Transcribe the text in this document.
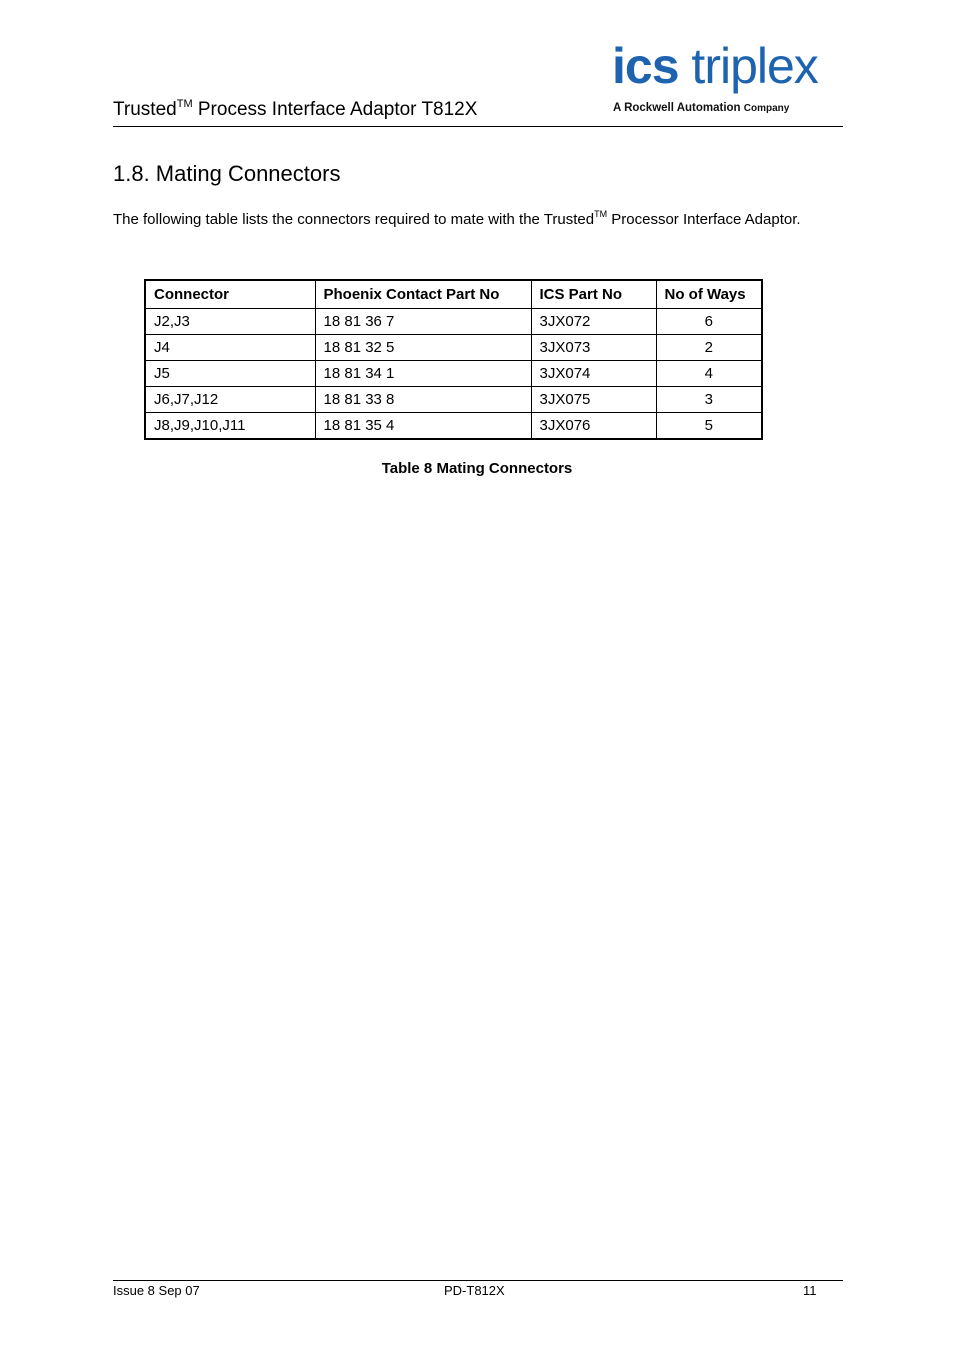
Trusted™ Process Interface Adaptor T812X
ics triplex
A Rockwell Automation Company
1.8. Mating Connectors
The following table lists the connectors required to mate with the Trusted™ Processor Interface Adaptor.
Connector	Phoenix Contact Part No	ICS Part No	No of Ways
J2,J3	18 81 36 7	3JX072	6
J4	18 81 32 5	3JX073	2
J5	18 81 34 1	3JX074	4
J6,J7,J12	18 81 33 8	3JX075	3
J8,J9,J10,J11	18 81 35 4	3JX076	5
Table 8 Mating Connectors
Issue 8 Sep 07	PD-T812X	11
